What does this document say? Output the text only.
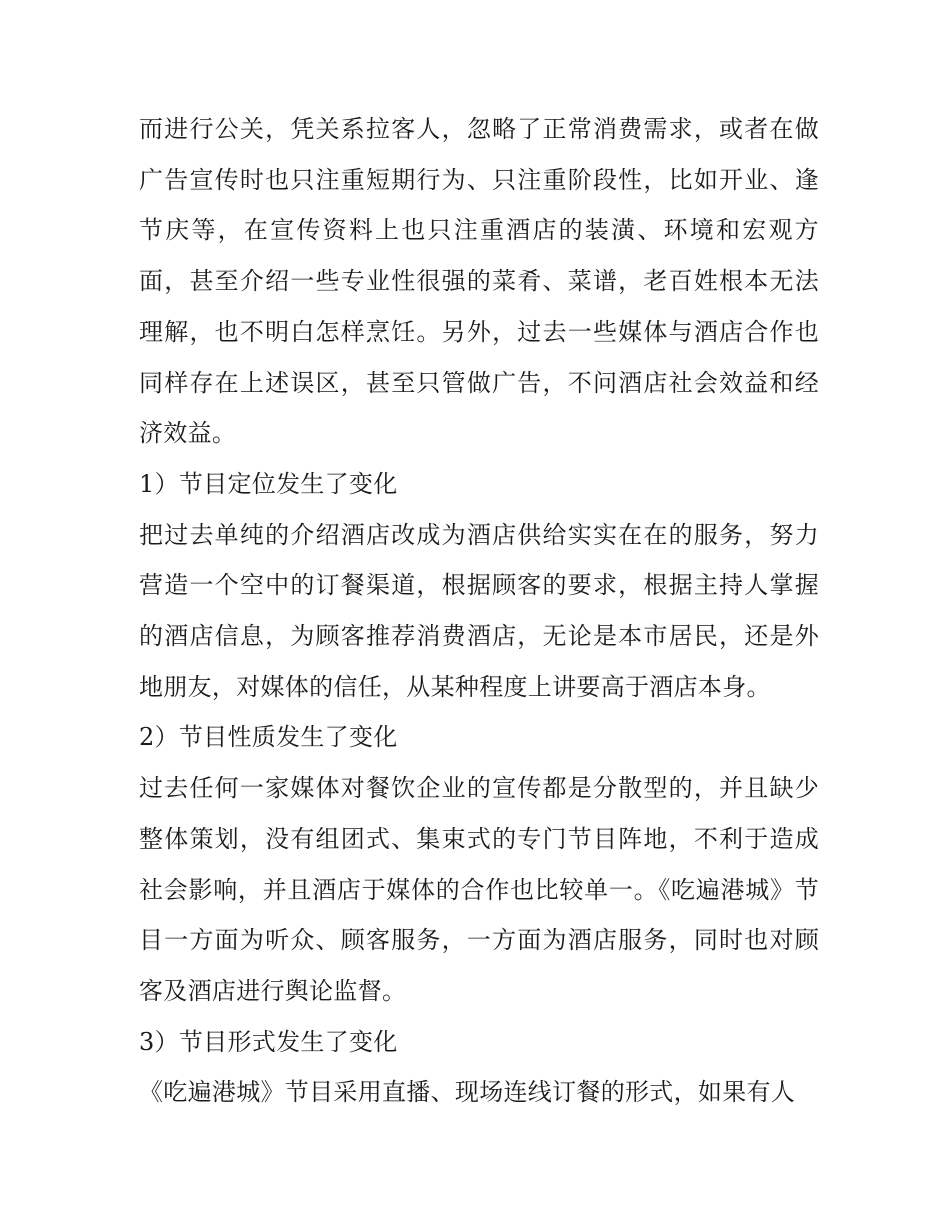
而进行公关，凭关系拉客人，忽略了正常消费需求，或者在做广告宣传时也只注重短期行为、只注重阶段性，比如开业、逢节庆等，在宣传资料上也只注重酒店的装潢、环境和宏观方面，甚至介绍一些专业性很强的菜肴、菜谱，老百姓根本无法理解，也不明白怎样烹饪。另外，过去一些媒体与酒店合作也同样存在上述误区，甚至只管做广告，不问酒店社会效益和经济效益。

1）节目定位发生了变化

把过去单纯的介绍酒店改成为酒店供给实实在在的服务，努力营造一个空中的订餐渠道，根据顾客的要求，根据主持人掌握的酒店信息，为顾客推荐消费酒店，无论是本市居民，还是外地朋友，对媒体的信任，从某种程度上讲要高于酒店本身。

2）节目性质发生了变化

过去任何一家媒体对餐饮企业的宣传都是分散型的，并且缺少整体策划，没有组团式、集束式的专门节目阵地，不利于造成社会影响，并且酒店于媒体的合作也比较单一。《吃遍港城》节目一方面为听众、顾客服务，一方面为酒店服务，同时也对顾客及酒店进行舆论监督。

3）节目形式发生了变化

《吃遍港城》节目采用直播、现场连线订餐的形式，如果有人
